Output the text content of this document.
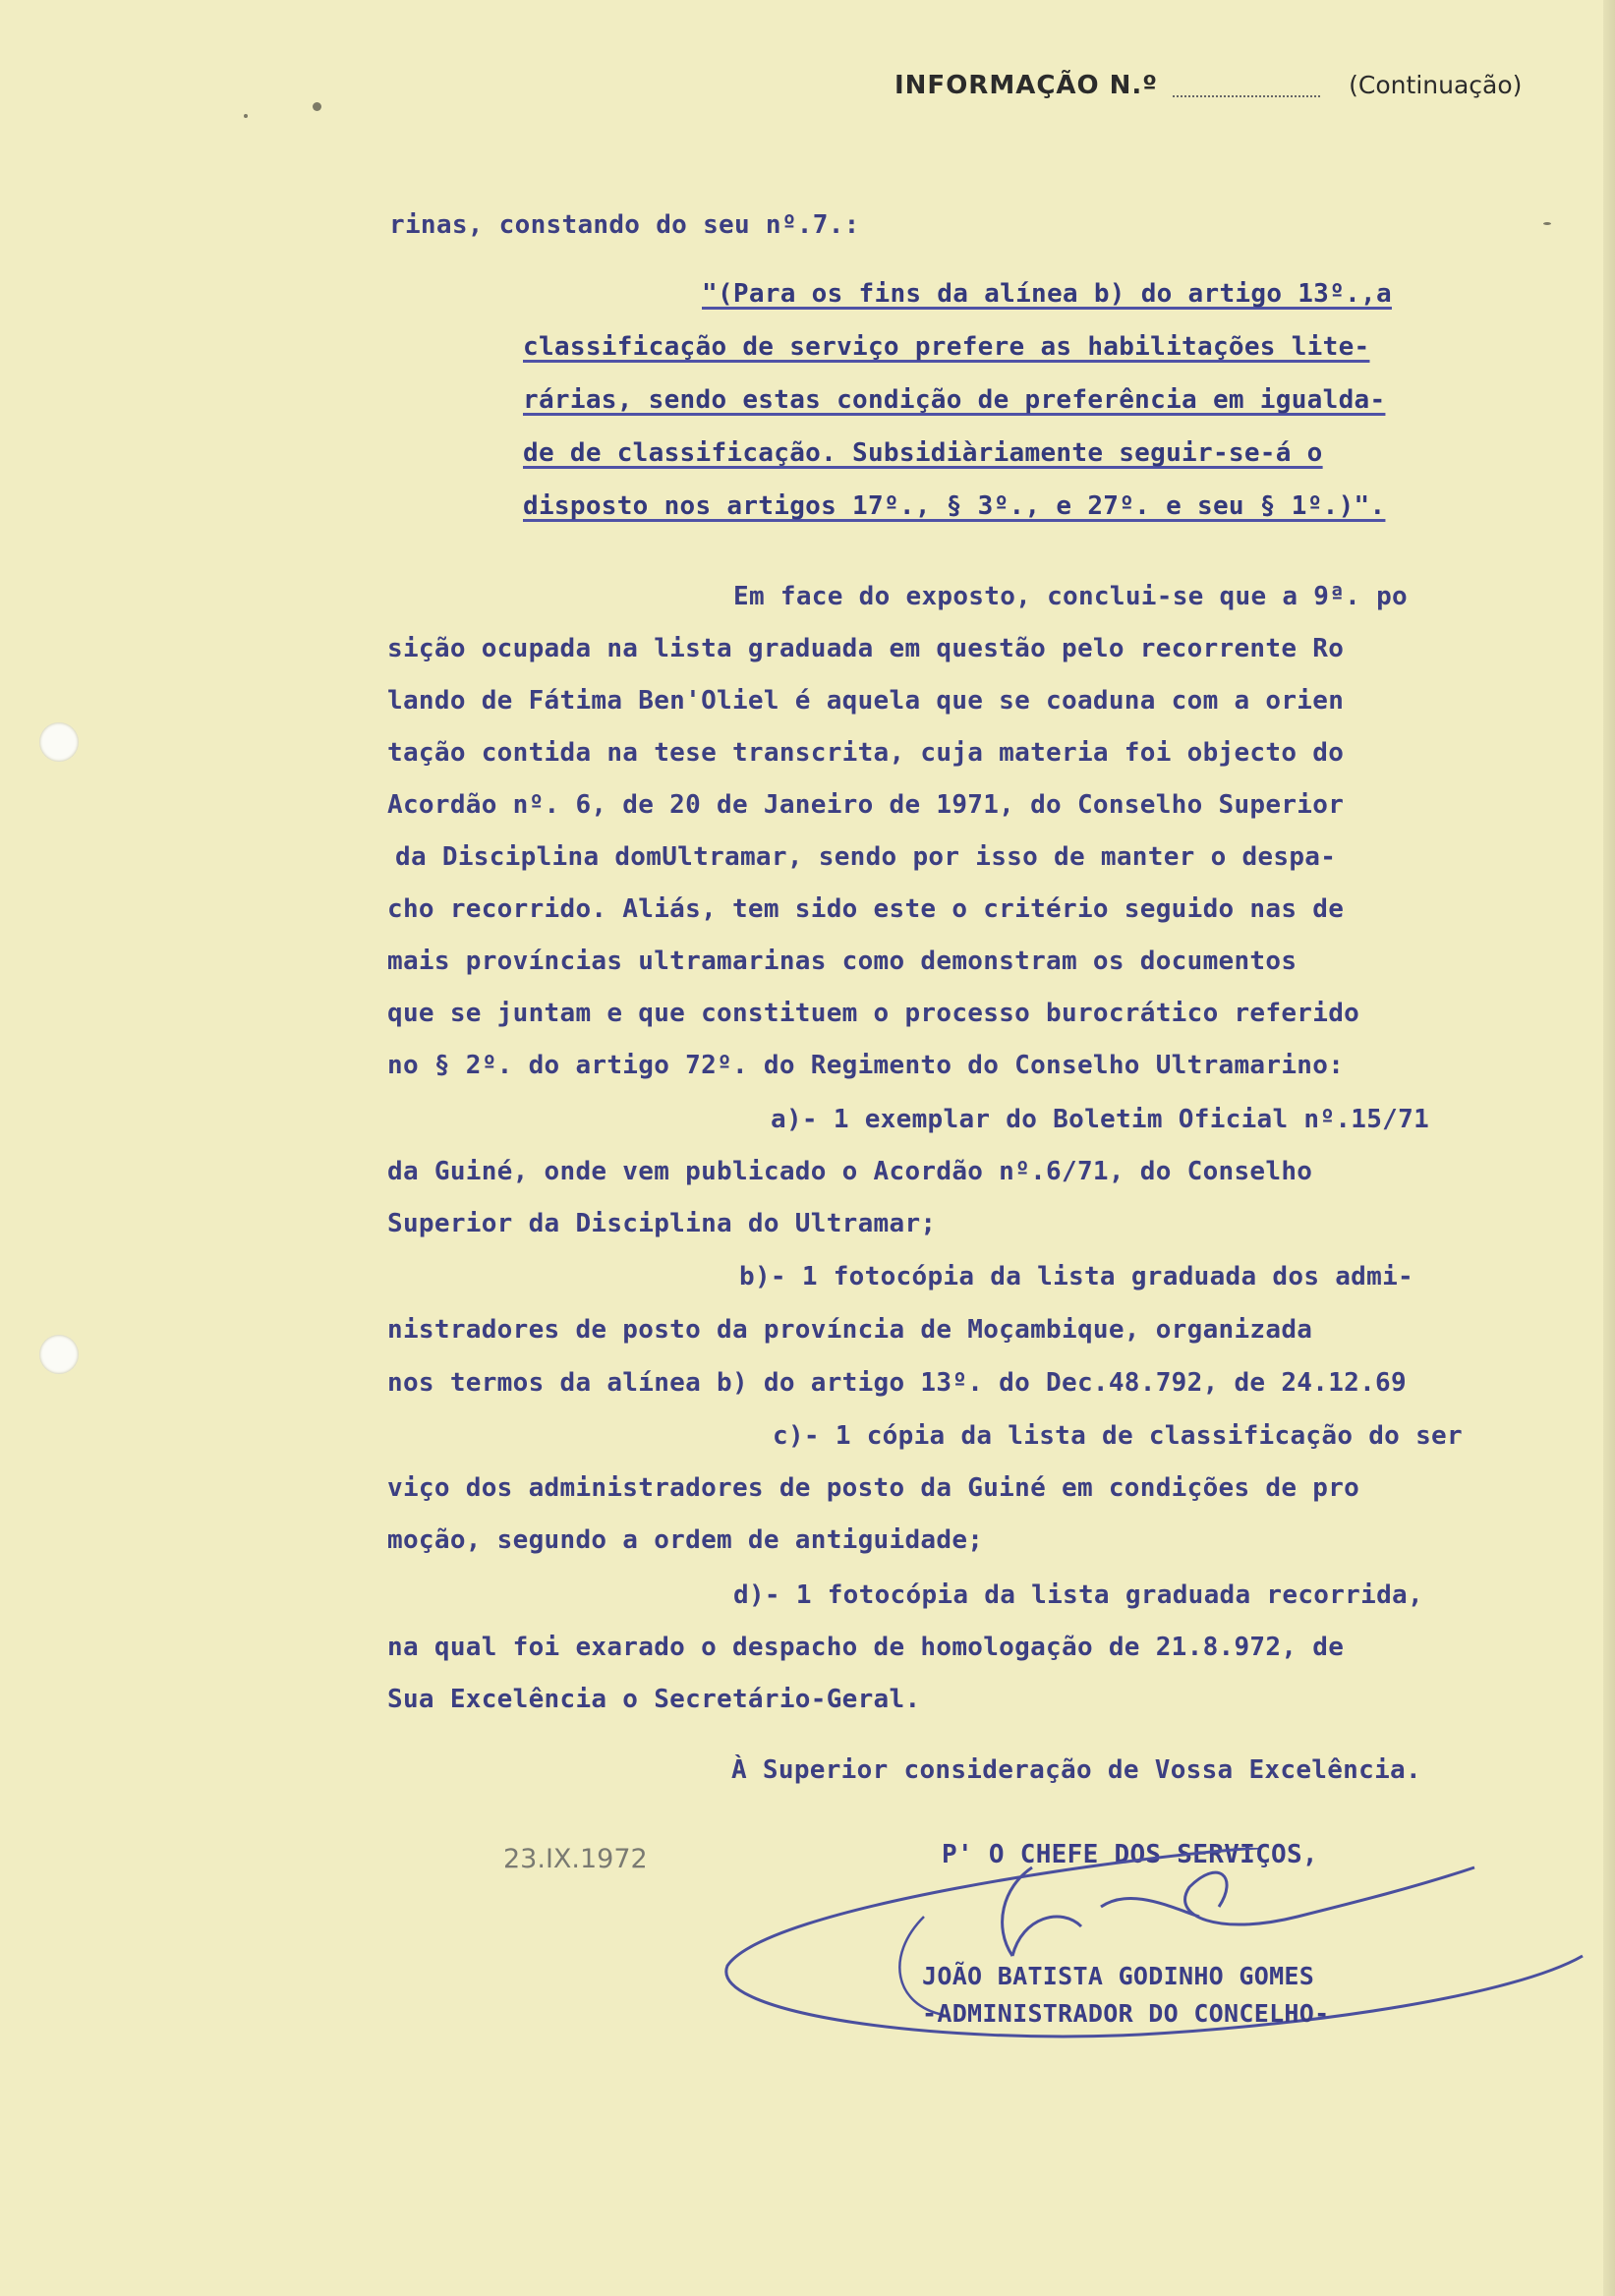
INFORMAÇÃO N.º	(Continuação)
rinas, constando do seu nº.7.:
"(Para os fins da alínea b) do artigo 13º.,a
classificação de serviço prefere as habilitações lite-
rárias, sendo estas condição de preferência em igualda-
de de classificação. Subsidiàriamente seguir-se-á o
disposto nos artigos 17º., § 3º., e 27º. e seu § 1º.)".
Em face do exposto, conclui-se que a 9ª. po
sição ocupada na lista graduada em questão pelo recorrente Ro
lando de Fátima Ben'Oliel é aquela que se coaduna com a orien
tação contida na tese transcrita, cuja materia foi objecto do
Acordão nº. 6, de 20 de Janeiro de 1971, do Conselho Superior
da Disciplina domUltramar, sendo por isso de manter o despa-
cho recorrido. Aliás, tem sido este o critério seguido nas de
mais províncias ultramarinas como demonstram os documentos
que se juntam e que constituem o processo burocrático referido
no § 2º. do artigo 72º. do Regimento do Conselho Ultramarino:
a)- 1 exemplar do Boletim Oficial nº.15/71
da Guiné, onde vem publicado o Acordão nº.6/71, do Conselho
Superior da Disciplina do Ultramar;
b)- 1 fotocópia da lista graduada dos admi-
nistradores de posto da província de Moçambique, organizada
nos termos da alínea b) do artigo 13º. do Dec.48.792, de 24.12.69
c)- 1 cópia da lista de classificação do ser
viço dos administradores de posto da Guiné em condições de pro
moção, segundo a ordem de antiguidade;
d)- 1 fotocópia da lista graduada recorrida,
na qual foi exarado o despacho de homologação de 21.8.972, de
Sua Excelência o Secretário-Geral.
À Superior consideração de Vossa Excelência.
23.IX.1972	P' O CHEFE DOS SERVIÇOS,
JOÃO BATISTA GODINHO GOMES
-ADMINISTRADOR DO CONCELHO-
